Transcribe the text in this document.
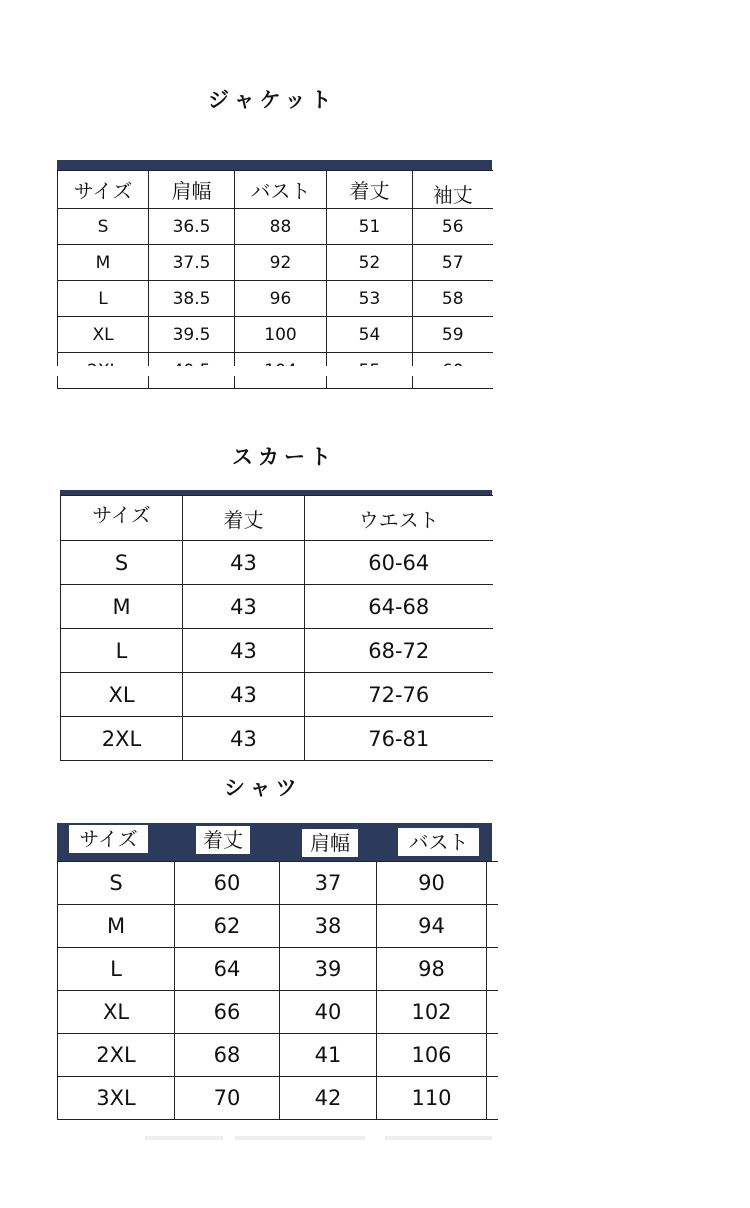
ジャケット
サイズ	肩幅	バスト	着丈	袖丈
S	36.5	88	51	56
M	37.5	92	52	57
L	38.5	96	53	58
XL	39.5	100	54	59

スカート
サイズ	着丈	ウエスト
S	43	60-64
M	43	64-68
L	43	68-72
XL	43	72-76
2XL	43	76-81
シャツ
サイズ	着丈	肩幅	バスト
S	60	37	90	
M	62	38	94	
L	64	39	98	
XL	66	40	102	
2XL	68	41	106	
3XL	70	42	110	
